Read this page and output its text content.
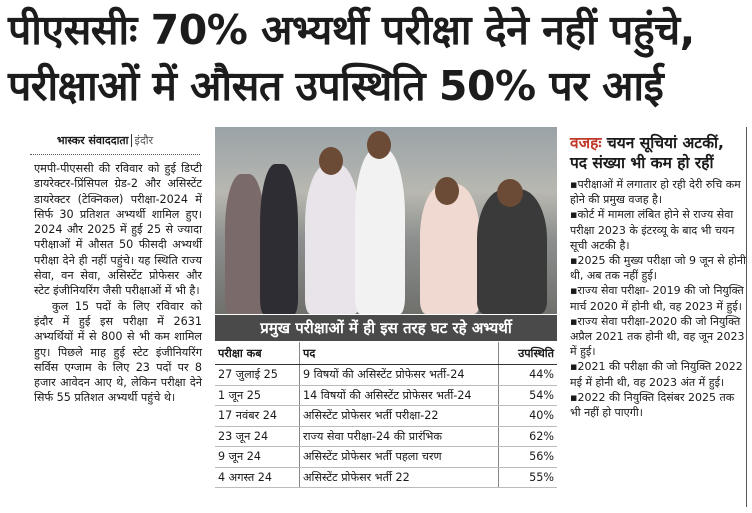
पीएससीः 70% अभ्यर्थी परीक्षा देने नहीं पहुंचे,
परीक्षाओं में औसत उपस्थिति 50% पर आई
भास्कर संवाददाता इंदौर

एमपी-पीएससी की रविवार को हुई डिप्टी डायरेक्टर-प्रिंसिपल ग्रेड-2 और असिस्टेंट डायरेक्टर (टेक्निकल) परीक्षा-2024 में सिर्फ 30 प्रतिशत अभ्यर्थी शामिल हुए। 2024 और 2025 में हुई 25 से ज्यादा परीक्षाओं में औसत 50 फीसदी अभ्यर्थी परीक्षा देने ही नहीं पहुंचे। यह स्थिति राज्य सेवा, वन सेवा, असिस्टेंट प्रोफेसर और स्टेट इंजीनियरिंग जैसी परीक्षाओं में भी है।

कुल 15 पदों के लिए रविवार को इंदौर में हुई इस परीक्षा में 2631 अभ्यर्थियों में से 800 से भी कम शामिल हुए। पिछले माह हुई स्टेट इंजीनियरिंग सर्विस एग्जाम के लिए 23 पदों पर 8 हजार आवेदन आए थे, लेकिन परीक्षा देने सिर्फ 55 प्रतिशत अभ्यर्थी पहुंचे थे।

प्रमुख परीक्षाओं में ही इस तरह घट रहे अभ्यर्थी
परीक्षा कब	पद	उपस्थिति
27 जुलाई 25	9 विषयों की असिस्टेंट प्रोफेसर भर्ती-24	44%
1 जून 25	14 विषयों की असिस्टेंट प्रोफेसर भर्ती-24	54%
17 नवंबर 24	असिस्टेंट प्रोफेसर भर्ती परीक्षा-22	40%
23 जून 24	राज्य सेवा परीक्षा-24 की प्रारंभिक	62%
9 जून 24	असिस्टेंट प्रोफेसर भर्ती पहला चरण	56%
4 अगस्त 24	असिस्टेंट प्रोफेसर भर्ती 22	55%
वजहः चयन सूचियां अटकीं, पद संख्या भी कम हो रहीं
▪ परीक्षाओं में लगातार हो रही देरी रुचि कम होने की प्रमुख वजह है।
▪ कोर्ट में मामला लंबित होने से राज्य सेवा परीक्षा 2023 के इंटरव्यू के बाद भी चयन सूची अटकी है।
▪ 2025 की मुख्य परीक्षा जो 9 जून से होनी थी, अब तक नहीं हुई।
▪ राज्य सेवा परीक्षा- 2019 की जो नियुक्ति मार्च 2020 में होनी थी, वह 2023 में हुई।
▪ राज्य सेवा परीक्षा-2020 की जो नियुक्ति अप्रैल 2021 तक होनी थी, वह जून 2023 में हुई।
▪ 2021 की परीक्षा की जो नियुक्ति 2022 मई में होनी थी, वह 2023 अंत में हुई।
▪ 2022 की नियुक्ति दिसंबर 2025 तक भी नहीं हो पाएगी।
